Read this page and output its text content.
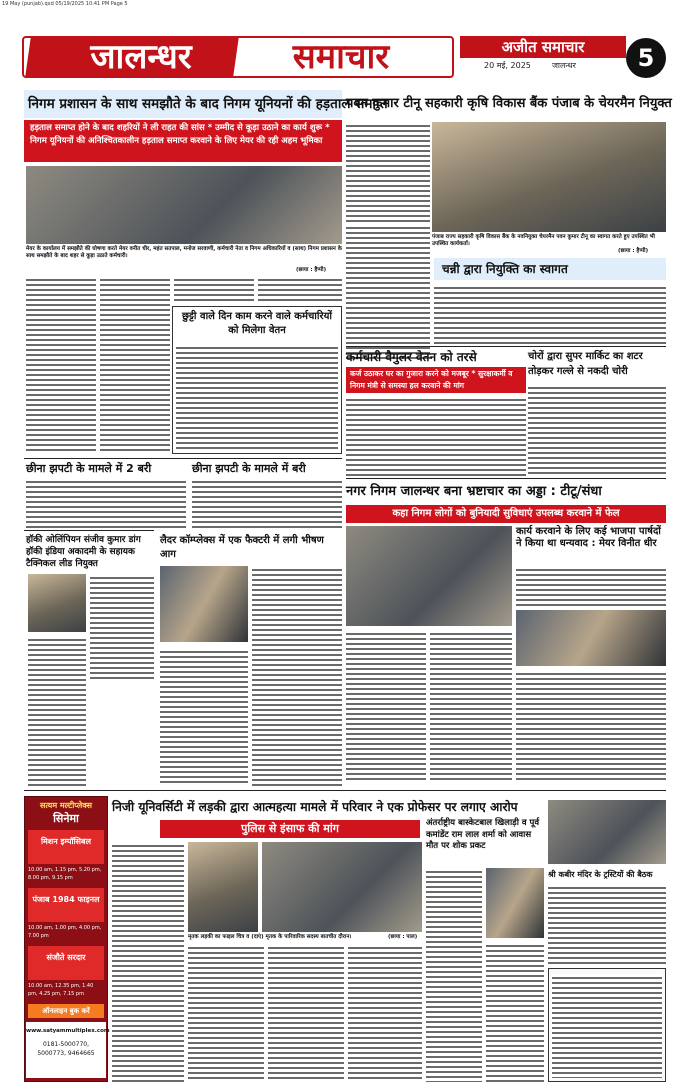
19 May (punjab).qxd 05/19/2025 10:41 PM Page 5
जालन्धर	समाचार	अजीत समाचार
20 मई, 2025	जालन्धर	5
निगम प्रशासन के साथ समझौते के बाद निगम यूनियनों की हड़ताल समाप्त
हड़ताल समाप्त होने के बाद शहरियों ने ली राहत की सांस * उम्मीद से कूड़ा उठाने का कार्य शुरू * निगम यूनियनों की अनिश्चितकालीन हड़ताल समाप्त करवाने के लिए मेयर की रही अहम भूमिका
मेयर के कार्यालय में समझौते की घोषणा करते मेयर वनीत धीर, महंत सतपाल, मनोज सरवाणी, कर्मचारी नेता व निगम अधिकारियों व (साथ) निगम प्रशासन के साथ समझौते के बाद शहर से कूड़ा उठाते कर्मचारी।
(छाया : हैप्पी)
छुट्टी वाले दिन काम करने वाले कर्मचारियों को मिलेगा वेतन
छीना झपटी के मामले में 2 बरी	छीना झपटी के मामले में बरी
हॉकी ओलिंपियन संजीव कुमार डांग हॉकी इंडिया अकादमी के सहायक टैक्निकल लीड नियुक्त
लैदर कॉम्प्लेक्स में एक फैक्टरी में लगी भीषण आग
पवन कुमार टीनू सहकारी कृषि विकास बैंक पंजाब के चेयरमैन नियुक्त
पंजाब राज्य सहकारी कृषि विकास बैंक के नवनियुक्त चेयरमैन पवन कुमार टीनू का स्वागत करते हुए उपस्थित भी उपस्थित कार्यकर्ता।
(छाया : हैप्पी)
चन्नी द्वारा नियुक्ति का स्वागत
कर्मचारी वैगुलर वेतन को तरसे
कर्ज उठाकर घर का गुजारा करने को मजबूर * सुरक्षाकर्मी व निगम मंत्री से समस्या हल करवाने की मांग
चोरों द्वारा सुपर मार्किट का शटर तोड़कर गल्ले से नकदी चोरी
नगर निगम जालन्धर बना भ्रष्टाचार का अड्डा : टीटू/संधा
कहा निगम लोगों को बुनियादी सुविधाएं उपलब्ध करवाने में फेल
कार्य करवाने के लिए कई भाजपा पार्षदों ने किया था धन्यवाद : मेयर विनीत धीर
सत्यम मल्टीप्लेक्स
सिनेमा
मिशन इम्पॉसिबल
10.00 am, 1.15 pm, 5.20 pm, 8.00 pm, 9.15 pm
पंजाब 1984 फाइनल
10.00 am, 1.00 pm, 4.00 pm, 7.00 pm
संजौते सरदार
10.00 am, 12.35 pm, 1.40 pm, 4.25 pm, 7.15 pm
ऑनलाइन बुक करें
www.satyammultiplex.com
0181-5000770, 5000773, 9464665
निजी यूनिवर्सिटी में लड़की द्वारा आत्महत्या मामले में परिवार ने एक प्रोफेसर पर लगाए आरोप
पुलिस से इंसाफ की मांग
मृतक लड़की का फाइल चित्र व (दाएं) मृतक के पारिवारिक सदस्य बातचीत दौरान।	(छाया : पाल)
अंतर्राष्ट्रीय बास्केटबाल खिलाड़ी व पूर्व कमांडेंट राम लाल शर्मा को आवास मौत पर शोक प्रकट
श्री कबीर मंदिर के ट्रस्टियों की बैठक
